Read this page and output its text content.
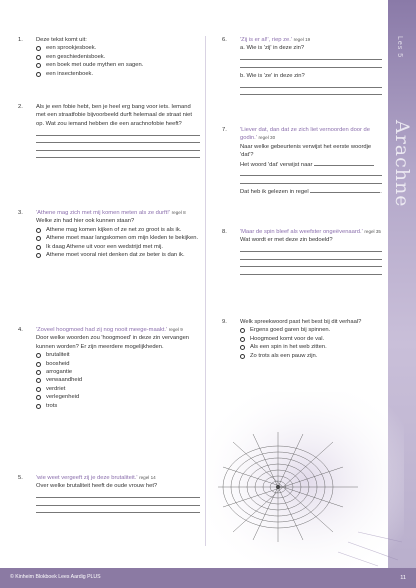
Les 5
Arachne
1. Deze tekst komt uit:
een sprookjesboek.
een geschiedenisboek.
een boek met oude mythen en sagen.
een insectenboek.
2. Als je een fobie hebt, ben je heel erg bang voor iets. Iemand met een straatfobie bijvoorbeeld durft helemaal de straat niet op. Wat zou iemand hebben die een arachnofobie heeft?
3. 'Athene mag zich met mij komen meten als ze durft!' regel 8
Welke zin had hier ook kunnen staan?
Athene mag komen kijken of ze net zo groot is als ik.
Athene moet maar langskomen om mijn kleden te bekijken.
Ik daag Athene uit voor een wedstrijd met mij.
Athene moet vooral niet denken dat ze beter is dan ik.
4. 'Zoveel hoogmoed had zij nog nooit meege-maakt.' regel 9
Door welke woorden zou 'hoogmoed' in deze zin vervangen kunnen worden? Er zijn meerdere mogelijkheden.
brutaliteit
boosheid
arrogantie
verwaandheid
verdriet
verlegenheid
trots
5. 'wie weet vergeeft zij je deze brutaliteit.' regel 14
Over welke brutaliteit heeft de oude vrouw het?
6. 'Zij is er al!', riep ze.' regel 19
a. Wie is 'zij' in deze zin?
b. Wie is 'ze' in deze zin?
7. 'Liever dat, dan dat ze zich liet vernoorden door de godin.' regel 30
Naar welke gebeurtenis verwijst het eerste woordje 'dat'?
Het woord 'dat' verwijst naar
Dat heb ik gelezen in regel	.
8. 'Maar de spin bleef als weefster ongeëvenaard.' regel 35
Wat wordt er met deze zin bedoeld?
9. Welk spreekwoord past het best bij dit verhaal?
Ergens goed garen bij spinnen.
Hoogmoed komt voor de val.
Als een spin in het web zitten.
Zo trots als een pauw zijn.
© Kinheim Blokboek Lees Aardig PLUS	11
